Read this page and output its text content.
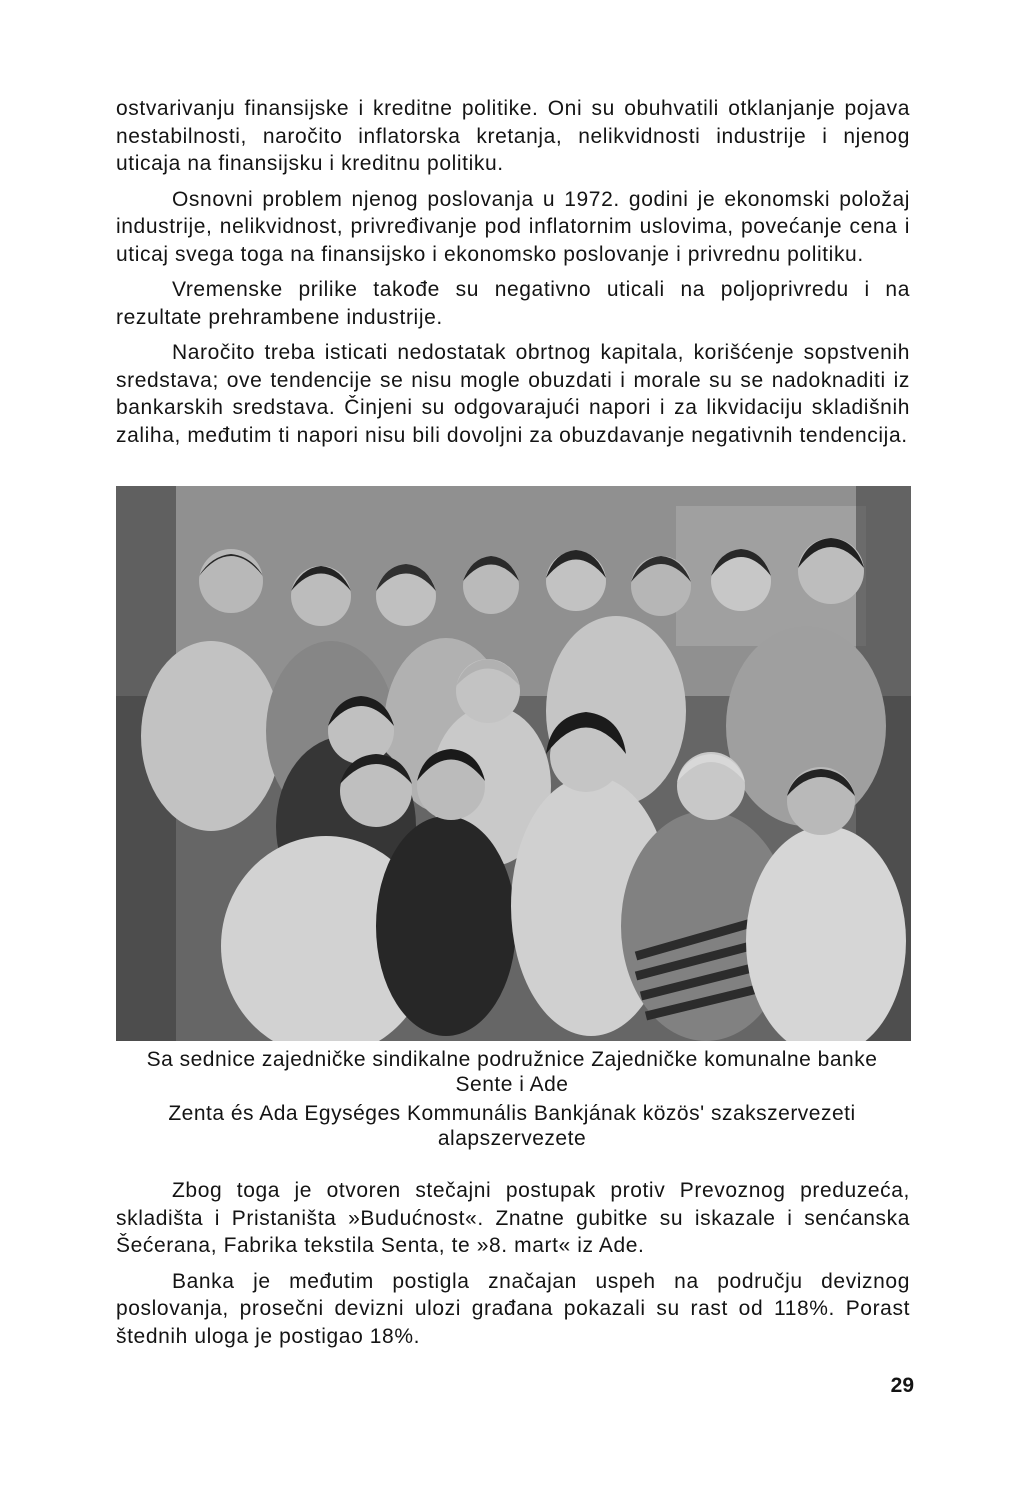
ostvarivanju finansijske i kreditne politike. Oni su obuhvatili otklanjanje pojava nestabilnosti, naročito inflatorska kretanja, nelikvidnosti industrije i njenog uticaja na finansijsku i kreditnu politiku.

Osnovni problem njenog poslovanja u 1972. godini je ekonomski položaj industrije, nelikvidnost, privređivanje pod inflatornim uslovima, povećanje cena i uticaj svega toga na finansijsko i ekonomsko poslovanje i privrednu politiku.

Vremenske prilike takođe su negativno uticali na poljoprivredu i na rezultate prehrambene industrije.

Naročito treba isticati nedostatak obrtnog kapitala, korišćenje sopstvenih sredstava; ove tendencije se nisu mogle obuzdati i morale su se nadoknaditi iz bankarskih sredstava. Činjeni su odgovarajući napori i za likvidaciju skladišnih zaliha, međutim ti napori nisu bili dovoljni za obuzdavanje negativnih tendencija.

Sa sednice zajedničke sindikalne podružnice Zajedničke komunalne banke
Sente i Ade
Zenta és Ada Egységes Kommunális Bankjának közös' szakszervezeti
alapszervezete

Zbog toga je otvoren stečajni postupak protiv Prevoznog preduzeća, skladišta i Pristaništa »Budućnost«. Znatne gubitke su iskazale i senćanska Šećerana, Fabrika tekstila Senta, te »8. mart« iz Ade.

Banka je međutim postigla značajan uspeh na području deviznog poslovanja, prosečni devizni ulozi građana pokazali su rast od 118%. Porast štednih uloga je postigao 18%.

29
